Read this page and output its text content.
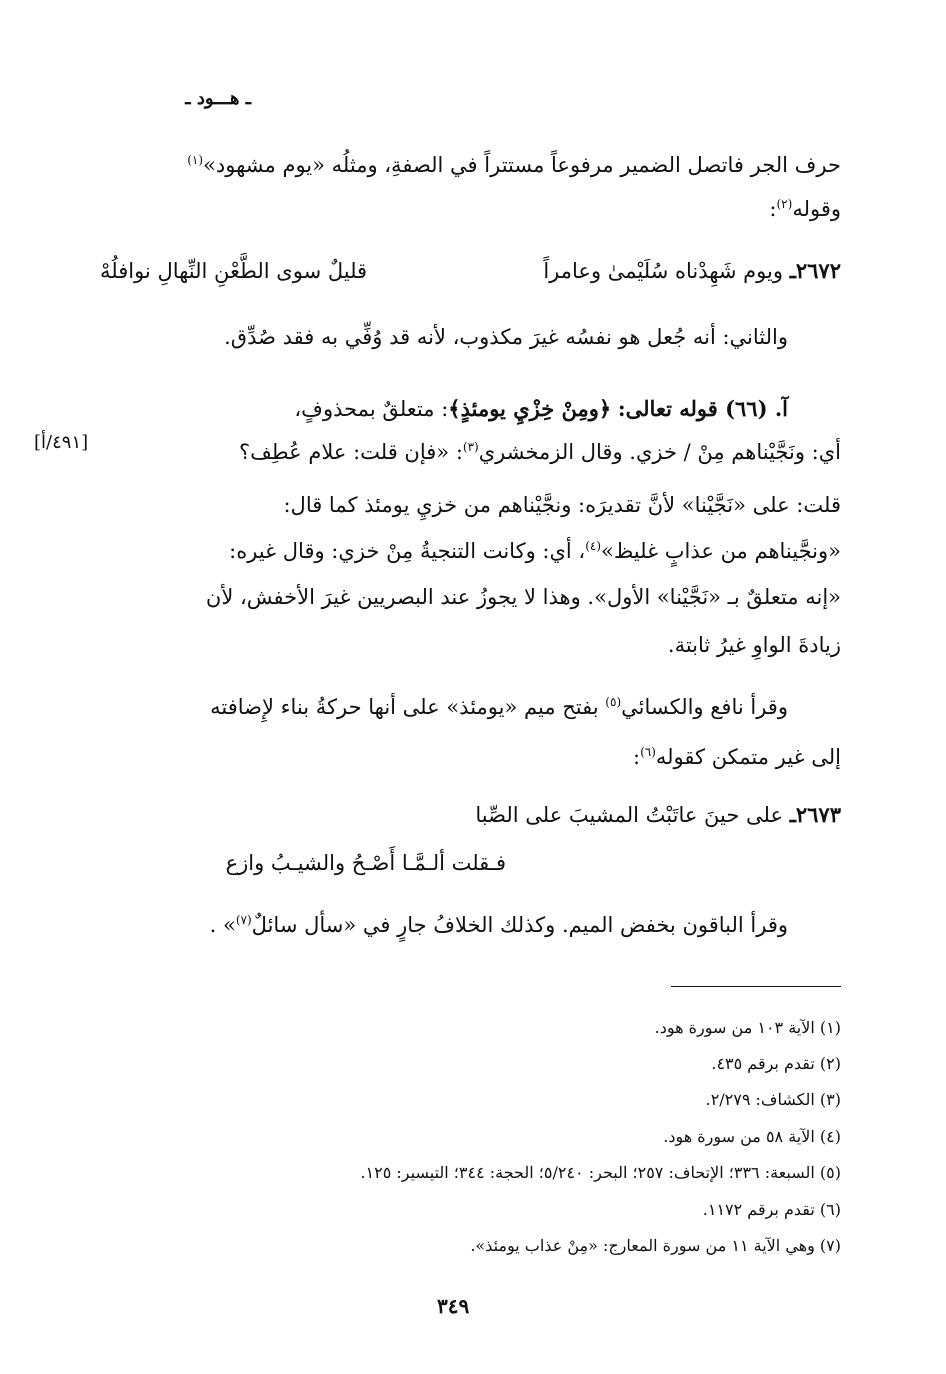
ـ هـــود ـ
حرف الجر فاتصل الضمير مرفوعاً مستتراً في الصفةِ، ومثلُه «يوم مشهود»$^{(١)}$
وقوله$^{(٢)}$:
٢٦٧٢ـ ويوم شَهِدْناه سُلَيْمىٰ وعامراً
قليلٌ سوى الطَّعْنِ النِّهالِ نوافلُهْ
والثاني: أنه جُعل هو نفسُه غيرَ مكذوب، لأنه قد وُفِّي به فقد صُدِّق.
آ. (٦٦) قوله تعالى: ﴿ومِنْ خِزْيِ يومئذٍ﴾: متعلقٌ بمحذوفٍ،
أي: ونَجَّيْناهم مِنْ / خزي. وقال الزمخشري$^{(٣)}$: «فإن قلت: علام عُطِف؟
[٤٩١/أ]
قلت: على «نَجَّيْنا» لأنَّ تقديرَه: ونجَّيْناهم من خزيِ يومئذ كما قال:
«ونجَّيناهم من عذابٍ غليظ»$^{(٤)}$، أي: وكانت التنجيةُ مِنْ خزي: وقال غيره:
«إنه متعلقٌ بـ «نَجَّيْنا» الأول». وهذا لا يجوزُ عند البصريين غيرَ الأخفش، لأن
زيادةَ الواوِ غيرُ ثابتة.
وقرأ نافع والكسائي$^{(٥)}$ بفتح ميم «يومئذ» على أنها حركةُ بناء لإِضافته
إلى غير متمكن كقوله$^{(٦)}$:
٢٦٧٣ـ على حينَ عاتَبْتُ المشيبَ على الصِّبا
فـقلت ألـمَّـا أَصْـحُ والشيـبُ وازع
وقرأ الباقون بخفض الميم. وكذلك الخلافُ جارٍ في «سأل سائلٌ$^{(٧)}$» .
(١) الآية ١٠٣ من سورة هود.
(٢) تقدم برقم ٤٣٥.
(٣) الكشاف: ٢/٢٧٩.
(٤) الآية ٥٨ من سورة هود.
(٥) السبعة: ٣٣٦؛ الإتحاف: ٢٥٧؛ البحر: ٥/٢٤٠؛ الحجة: ٣٤٤؛ التيسير: ١٢٥.
(٦) تقدم برقم ١١٧٢.
(٧) وهي الآية ١١ من سورة المعارج: «مِنْ عذاب يومئذ».
٣٤٩
